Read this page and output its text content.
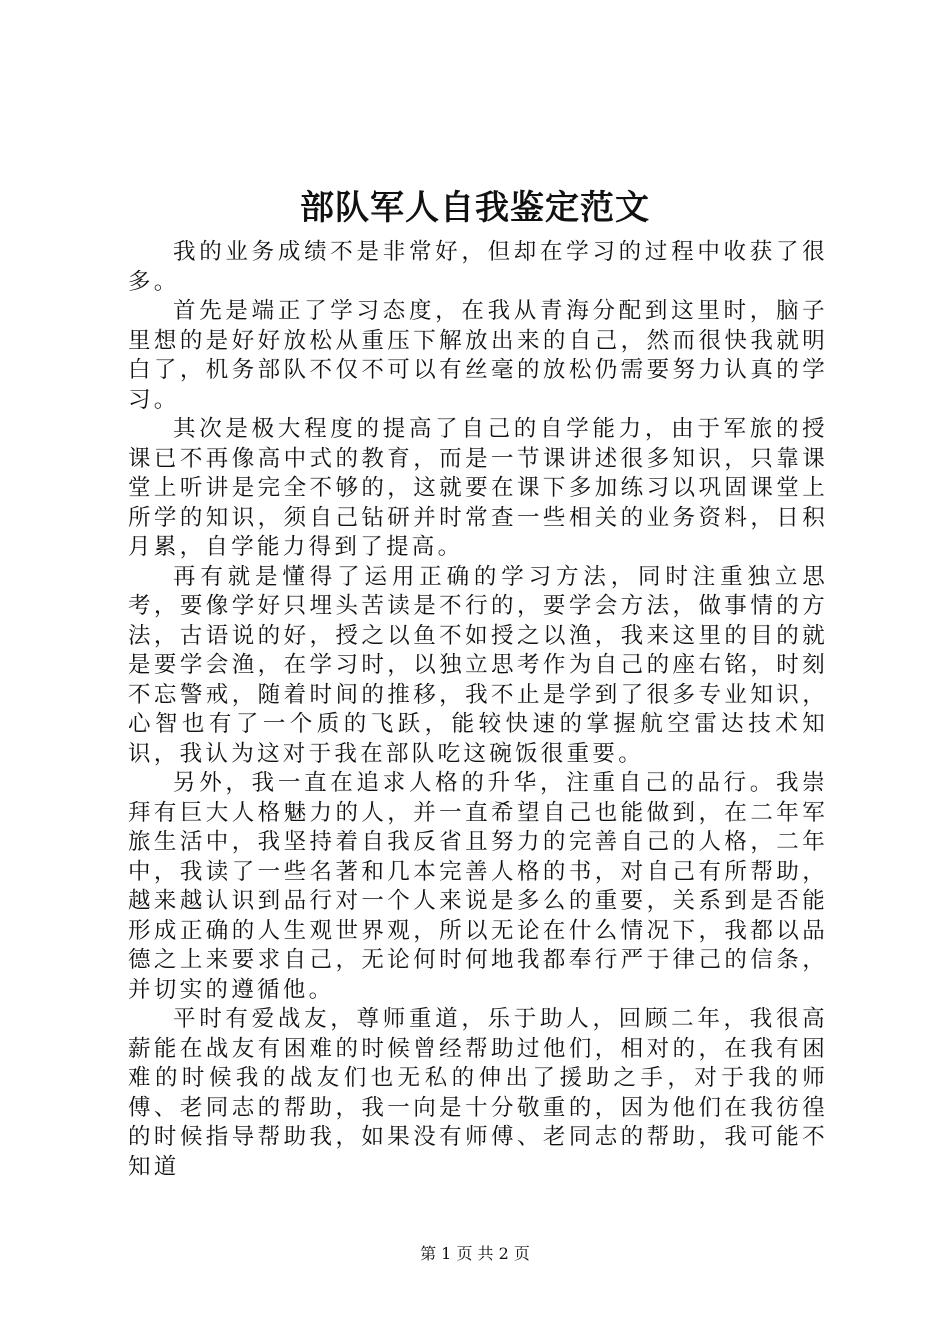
部队军人自我鉴定范文

我的业务成绩不是非常好，但却在学习的过程中收获了很多。

首先是端正了学习态度，在我从青海分配到这里时，脑子里想的是好好放松从重压下解放出来的自己，然而很快我就明白了，机务部队不仅不可以有丝毫的放松仍需要努力认真的学习。

其次是极大程度的提高了自己的自学能力，由于军旅的授课已不再像高中式的教育，而是一节课讲述很多知识，只靠课堂上听讲是完全不够的，这就要在课下多加练习以巩固课堂上所学的知识，须自己钻研并时常查一些相关的业务资料，日积月累，自学能力得到了提高。

再有就是懂得了运用正确的学习方法，同时注重独立思考，要像学好只埋头苦读是不行的，要学会方法，做事情的方法，古语说的好，授之以鱼不如授之以渔，我来这里的目的就是要学会渔，在学习时，以独立思考作为自己的座右铭，时刻不忘警戒，随着时间的推移，我不止是学到了很多专业知识，心智也有了一个质的飞跃，能较快速的掌握航空雷达技术知识，我认为这对于我在部队吃这碗饭很重要。

另外，我一直在追求人格的升华，注重自己的品行。我崇拜有巨大人格魅力的人，并一直希望自己也能做到，在二年军旅生活中，我坚持着自我反省且努力的完善自己的人格，二年中，我读了一些名著和几本完善人格的书，对自己有所帮助，越来越认识到品行对一个人来说是多么的重要，关系到是否能形成正确的人生观世界观，所以无论在什么情况下，我都以品德之上来要求自己，无论何时何地我都奉行严于律己的信条，并切实的遵循他。

平时有爱战友，尊师重道，乐于助人，回顾二年，我很高薪能在战友有困难的时候曾经帮助过他们，相对的，在我有困难的时候我的战友们也无私的伸出了援助之手，对于我的师傅、老同志的帮助，我一向是十分敬重的，因为他们在我彷徨的时候指导帮助我，如果没有师傅、老同志的帮助，我可能不知道

第 1 页 共 2 页
